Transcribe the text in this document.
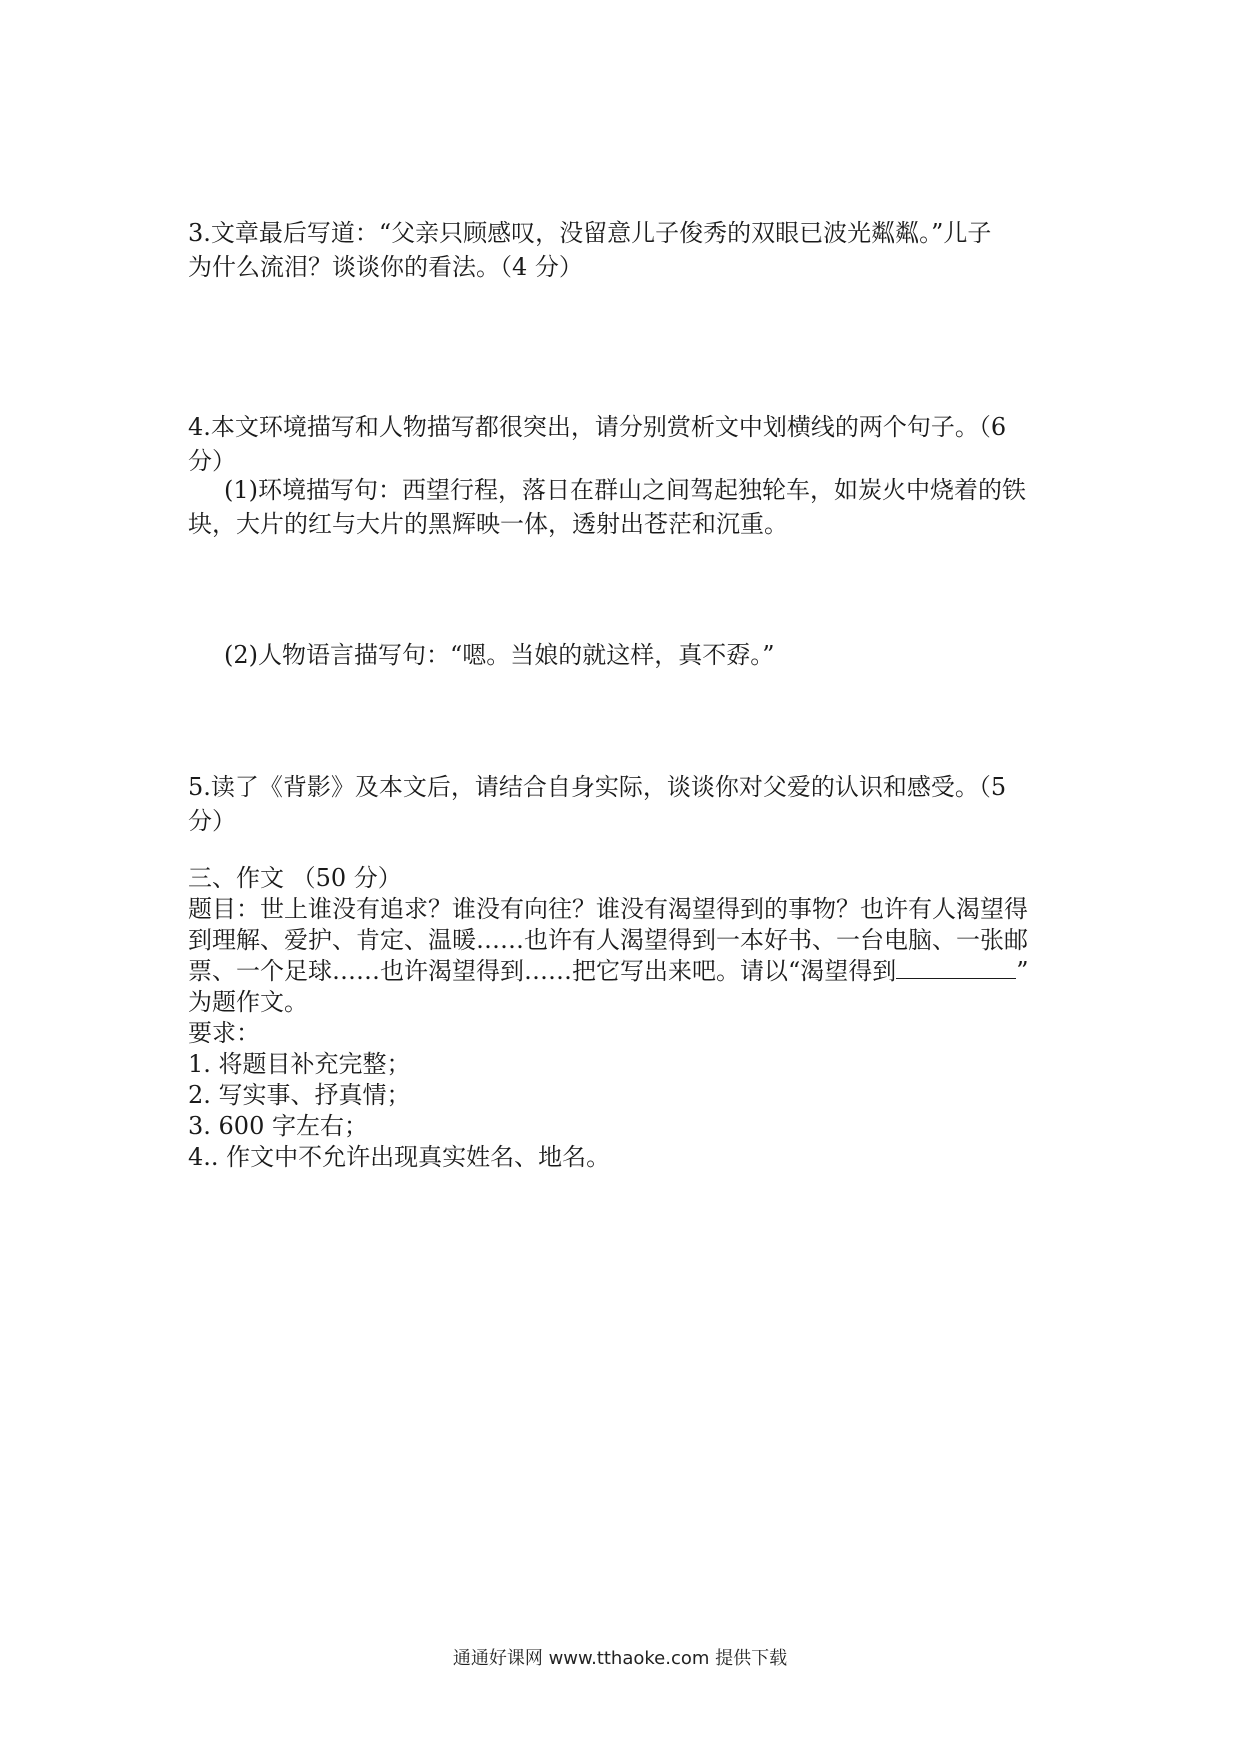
3.文章最后写道：“父亲只顾感叹，没留意儿子俊秀的双眼已波光粼粼。”儿子
为什么流泪？谈谈你的看法。（4 分）
4.本文环境描写和人物描写都很突出，请分别赏析文中划横线的两个句子。（6
分）
(1)环境描写句：西望行程，落日在群山之间驾起独轮车，如炭火中烧着的铁
块，大片的红与大片的黑辉映一体，透射出苍茫和沉重。
(2)人物语言描写句：“嗯。当娘的就这样，真不孬。”
5.读了《背影》及本文后，请结合自身实际，谈谈你对父爱的认识和感受。（5
分）
三、作文 （50 分）
题目：世上谁没有追求？谁没有向往？谁没有渴望得到的事物？也许有人渴望得
到理解、爱护、肯定、温暖……也许有人渴望得到一本好书、一台电脑、一张邮
票、一个足球……也许渴望得到……把它写出来吧。请以“渴望得到	”
为题作文。
要求：
1. 将题目补充完整；
2. 写实事、抒真情；
3. 600 字左右；
4.. 作文中不允许出现真实姓名、地名。
通通好课网 www.tthaoke.com 提供下载
